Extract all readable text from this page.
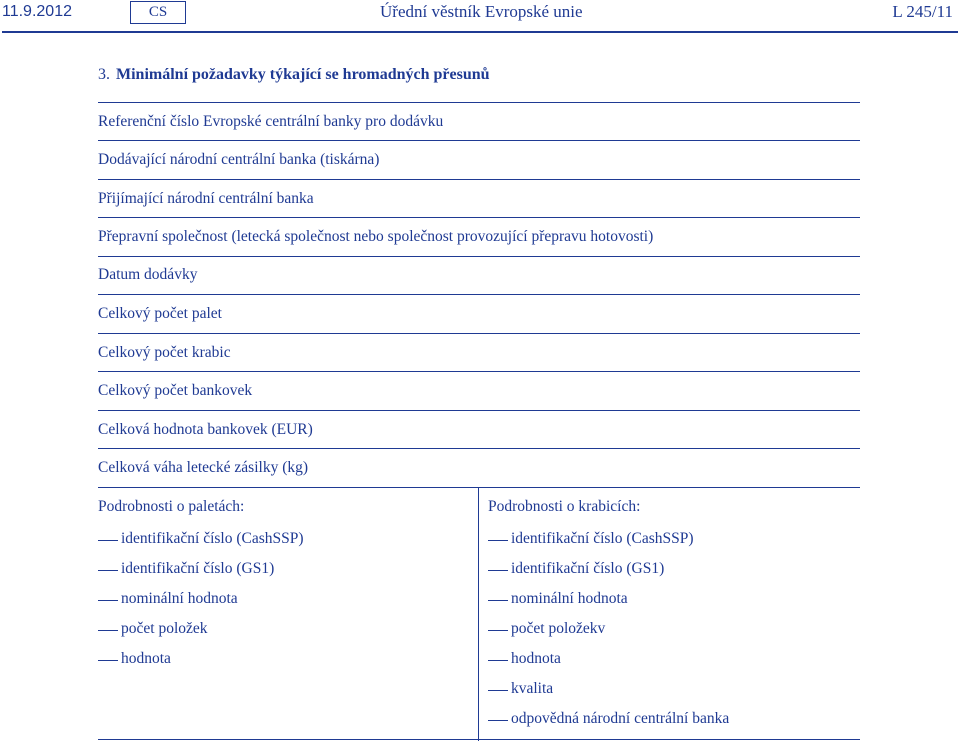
11.9.2012	CS	Úřední věstník Evropské unie	L 245/11
3. Minimální požadavky týkající se hromadných přesunů
Referenční číslo Evropské centrální banky pro dodávku
Dodávající národní centrální banka (tiskárna)
Přijímající národní centrální banka
Přepravní společnost (letecká společnost nebo společnost provozující přepravu hotovosti)
Datum dodávky
Celkový počet palet
Celkový počet krabic
Celkový počet bankovek
Celková hodnota bankovek (EUR)
Celková váha letecké zásilky (kg)
Podrobnosti o paletách:
identifikační číslo (CashSSP)
identifikační číslo (GS1)
nominální hodnota
počet položek
hodnota
Podrobnosti o krabicích:
identifikační číslo (CashSSP)
identifikační číslo (GS1)
nominální hodnota
počet položekv
hodnota
kvalita
odpovědná národní centrální banka
